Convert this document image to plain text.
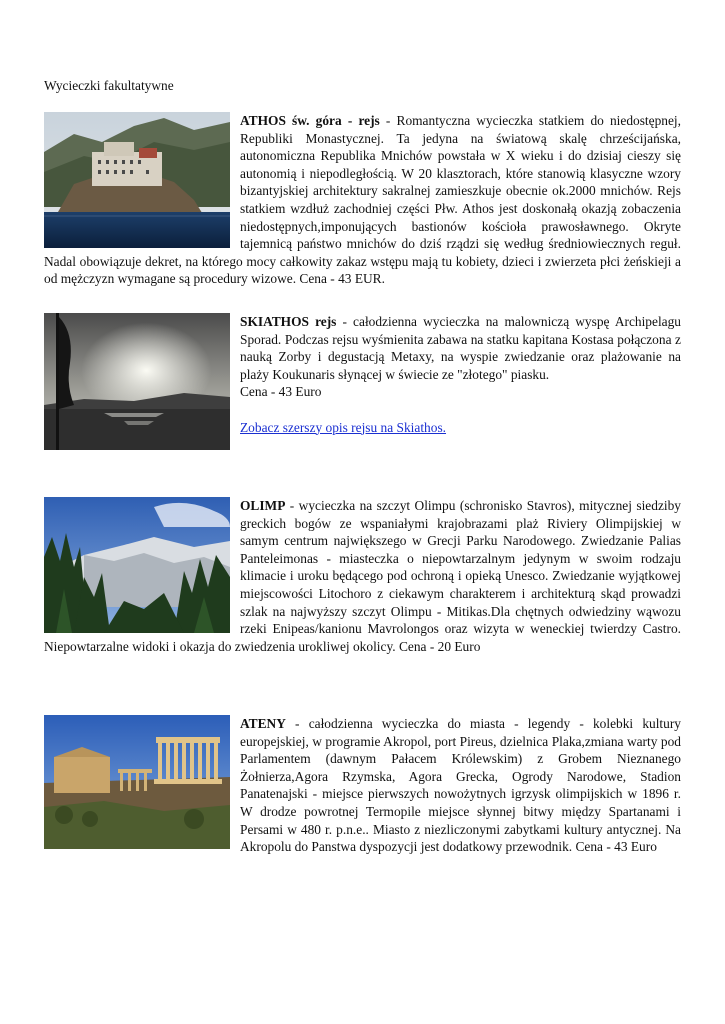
Wycieczki fakultatywne

ATHOS św. góra - rejs - Romantyczna wycieczka statkiem do niedostępnej, Republiki Monastycznej. Ta jedyna na światową skalę chrześcijańska, autonomiczna Republika Mnichów powstała w X wieku i do dzisiaj cieszy się autonomią i niepodległością. W 20 klasztorach, które stanowią klasyczne wzory bizantyjskiej architektury sakralnej zamieszkuje obecnie ok.2000 mnichów. Rejs statkiem wzdłuż zachodniej części Płw. Athos jest doskonałą okazją zobaczenia niedostępnych,imponujących bastionów kościoła prawosławnego. Okryte tajemnicą państwo mnichów do dziś rządzi się według średniowiecznych reguł. Nadal obowiązuje dekret, na którego mocy całkowity zakaz wstępu mają tu kobiety, dzieci i zwierzeta płci żeńskieji a od mężczyzn wymagane są procedury wizowe. Cena - 43 EUR.

SKIATHOS rejs - całodzienna wycieczka na malowniczą wyspę Archipelagu Sporad. Podczas rejsu wyśmienita zabawa na statku kapitana Kostasa połączona z nauką Zorby i degustacją Metaxy, na wyspie zwiedzanie oraz plażowanie na plaży Koukunaris słynącej w świecie ze "złotego" piasku.

Cena - 43 Euro

Zobacz szerszy opis rejsu na Skiathos.

OLIMP - wycieczka na szczyt Olimpu (schronisko Stavros), mitycznej siedziby greckich bogów ze wspaniałymi krajobrazami plaż Riviery Olimpijskiej w samym centrum największego w Grecji Parku Narodowego. Zwiedzanie Palias Panteleimonas - miasteczka o niepowtarzalnym jedynym w swoim rodzaju klimacie i uroku będącego pod ochroną i opieką Unesco. Zwiedzanie wyjątkowej miejscowości Litochoro z ciekawym charakterem i architekturą skąd prowadzi szlak na najwyższy szczyt Olimpu - Mitikas.Dla chętnych odwiedziny wąwozu rzeki Enipeas/kanionu Mavrolongos oraz wizyta w weneckiej twierdzy Castro. Niepowtarzalne widoki i okazja do zwiedzenia urokliwej okolicy. Cena - 20 Euro

ATENY - całodzienna wycieczka do miasta - legendy - kolebki kultury europejskiej, w programie Akropol, port Pireus, dzielnica Plaka,zmiana warty pod Parlamentem (dawnym Pałacem Królewskim) z Grobem Nieznanego Żołnierza,Agora Rzymska, Agora Grecka, Ogrody Narodowe, Stadion Panatenajski - miejsce pierwszych nowożytnych igrzysk olimpijskich w 1896 r. W drodze powrotnej Termopile miejsce słynnej bitwy między Spartanami i Persami w 480 r. p.n.e.. Miasto z niezliczonymi zabytkami kultury antycznej. Na Akropolu do Panstwa dyspozycji jest dodatkowy przewodnik. Cena - 43 Euro
